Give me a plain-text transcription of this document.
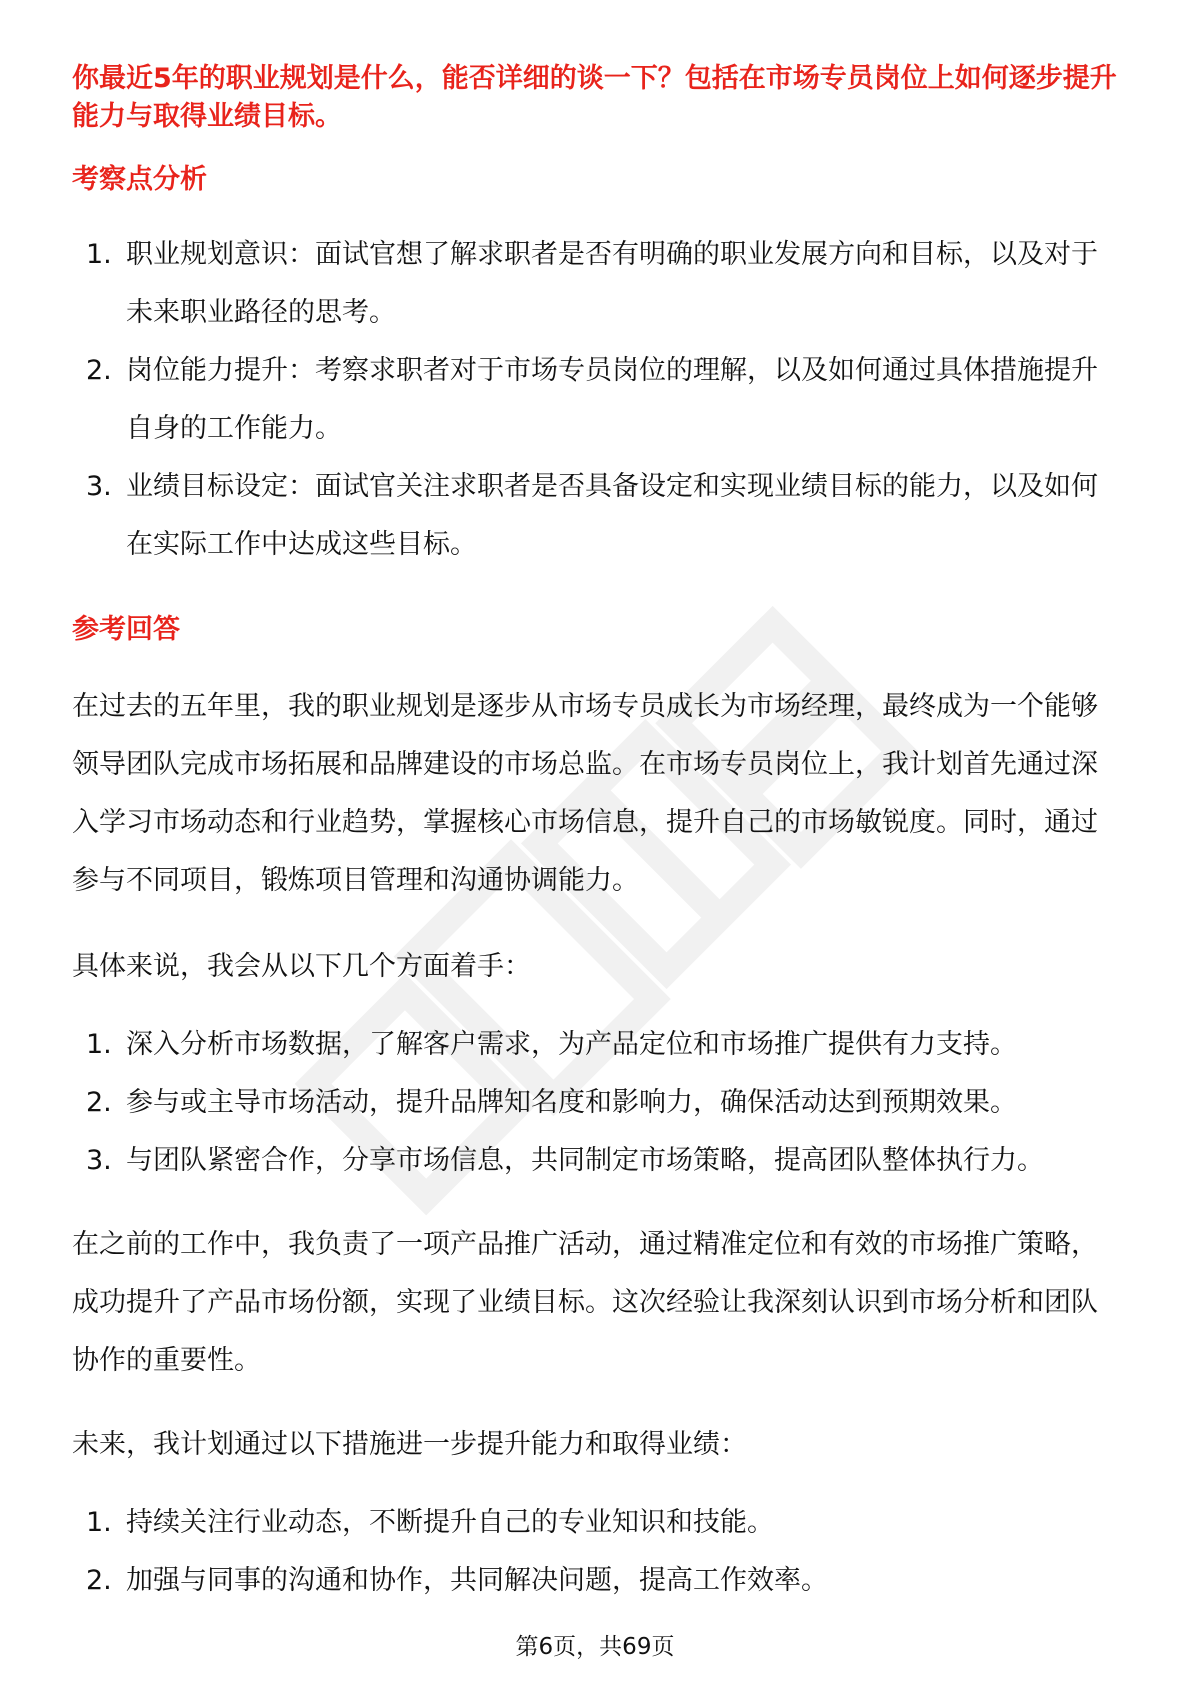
你最近5年的职业规划是什么，能否详细的谈一下？包括在市场专员岗位上如何逐步提升能力与取得业绩目标。

考察点分析
1. 职业规划意识：面试官想了解求职者是否有明确的职业发展方向和目标，以及对于未来职业路径的思考。
2. 岗位能力提升：考察求职者对于市场专员岗位的理解，以及如何通过具体措施提升自身的工作能力。
3. 业绩目标设定：面试官关注求职者是否具备设定和实现业绩目标的能力，以及如何在实际工作中达成这些目标。
参考回答

在过去的五年里，我的职业规划是逐步从市场专员成长为市场经理，最终成为一个能够领导团队完成市场拓展和品牌建设的市场总监。在市场专员岗位上，我计划首先通过深入学习市场动态和行业趋势，掌握核心市场信息，提升自己的市场敏锐度。同时，通过参与不同项目，锻炼项目管理和沟通协调能力。

具体来说，我会从以下几个方面着手：

1. 深入分析市场数据，了解客户需求，为产品定位和市场推广提供有力支持。
2. 参与或主导市场活动，提升品牌知名度和影响力，确保活动达到预期效果。
3. 与团队紧密合作，分享市场信息，共同制定市场策略，提高团队整体执行力。

在之前的工作中，我负责了一项产品推广活动，通过精准定位和有效的市场推广策略，成功提升了产品市场份额，实现了业绩目标。这次经验让我深刻认识到市场分析和团队协作的重要性。

未来，我计划通过以下措施进一步提升能力和取得业绩：

1. 持续关注行业动态，不断提升自己的专业知识和技能。
2. 加强与同事的沟通和协作，共同解决问题，提高工作效率。
第6页，共69页
